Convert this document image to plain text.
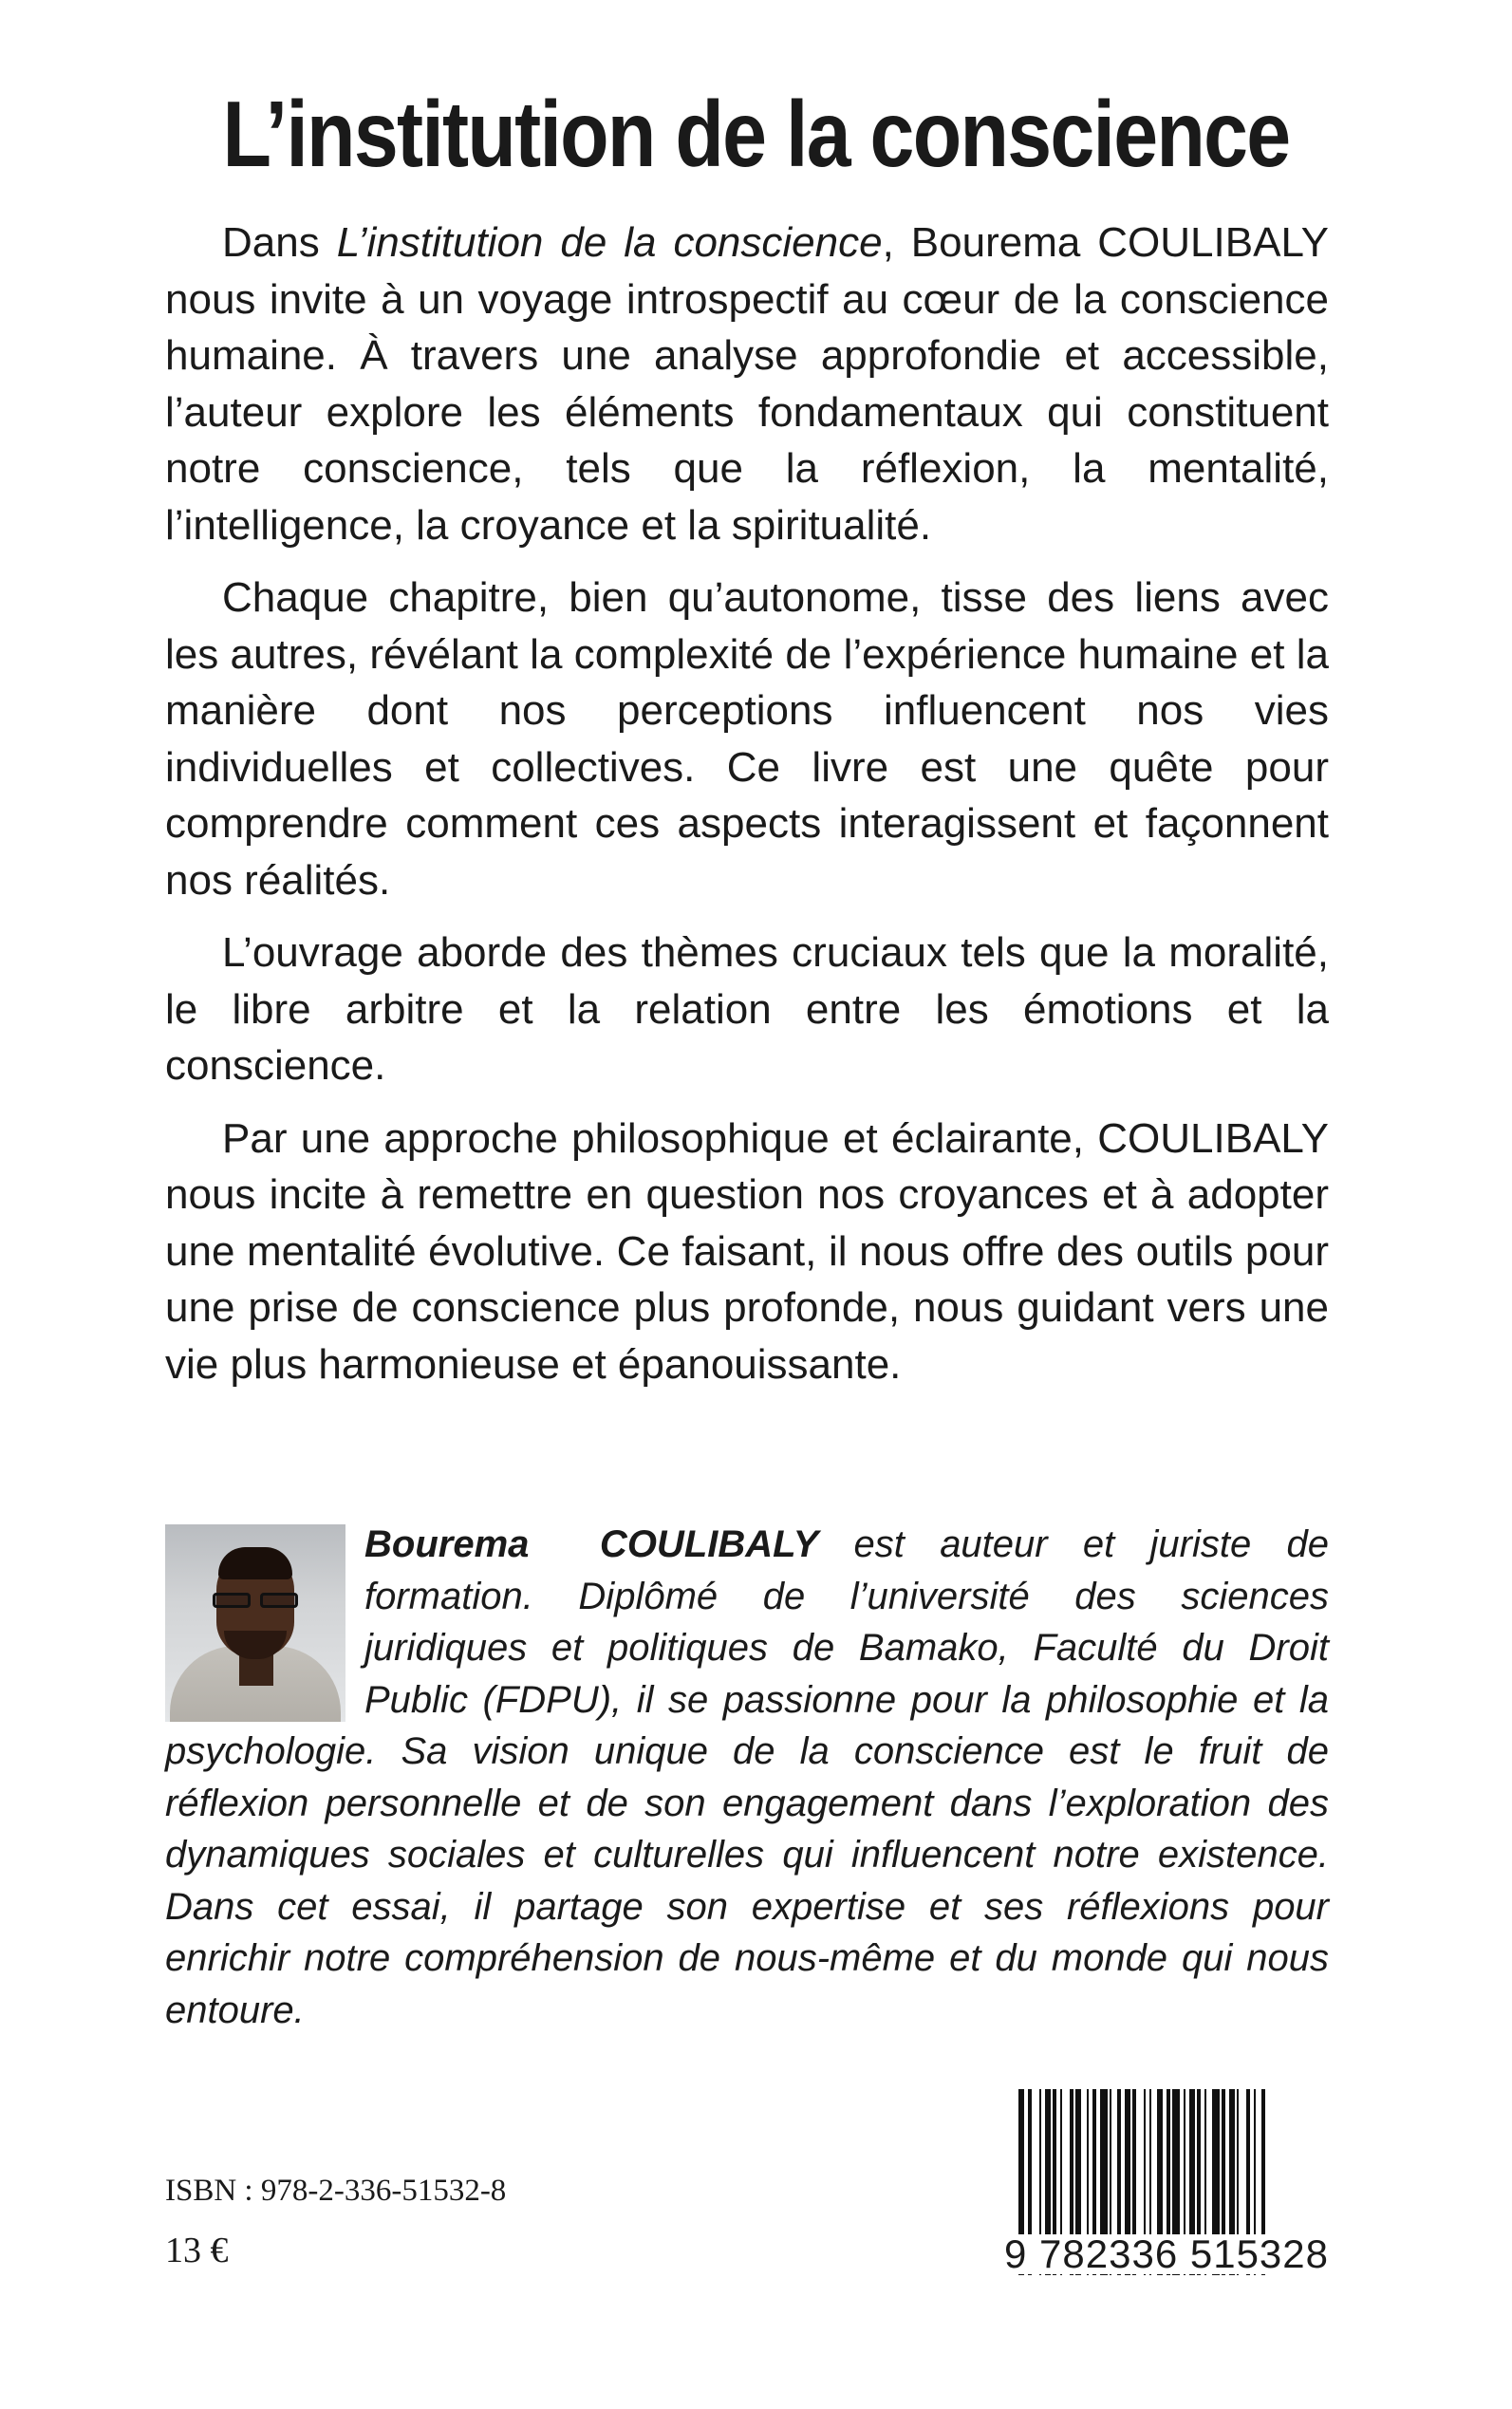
L’institution de la conscience

Dans L’institution de la conscience, Bourema COULIBALY nous invite à un voyage introspectif au cœur de la conscience humaine. À travers une analyse approfondie et accessible, l’auteur explore les éléments fondamentaux qui constituent notre conscience, tels que la réflexion, la mentalité, l’intelligence, la croyance et la spiritualité.

Chaque chapitre, bien qu’autonome, tisse des liens avec les autres, révélant la complexité de l’expérience humaine et la manière dont nos perceptions influencent nos vies individuelles et collectives. Ce livre est une quête pour comprendre comment ces aspects interagissent et façonnent nos réalités.

L’ouvrage aborde des thèmes cruciaux tels que la moralité, le libre arbitre et la relation entre les émotions et la conscience.

Par une approche philosophique et éclairante, COULIBALY nous incite à remettre en question nos croyances et à adopter une mentalité évolutive. Ce faisant, il nous offre des outils pour une prise de conscience plus profonde, nous guidant vers une vie plus harmonieuse et épanouissante.

Bourema  COULIBALY est auteur et juriste de formation. Diplômé de l’université des sciences juridiques et politiques de Bamako, Faculté du Droit Public (FDPU), il se passionne pour la philosophie et la psychologie. Sa vision unique de la conscience est le fruit de réflexion personnelle et de son engagement dans l’exploration des dynamiques sociales et culturelles qui influencent notre existence. Dans cet essai, il partage son expertise et ses réflexions pour enrichir notre compréhension de nous-même et du monde qui nous entoure.
ISBN : 978-2-336-51532-8
13 €	9 782336 515328
